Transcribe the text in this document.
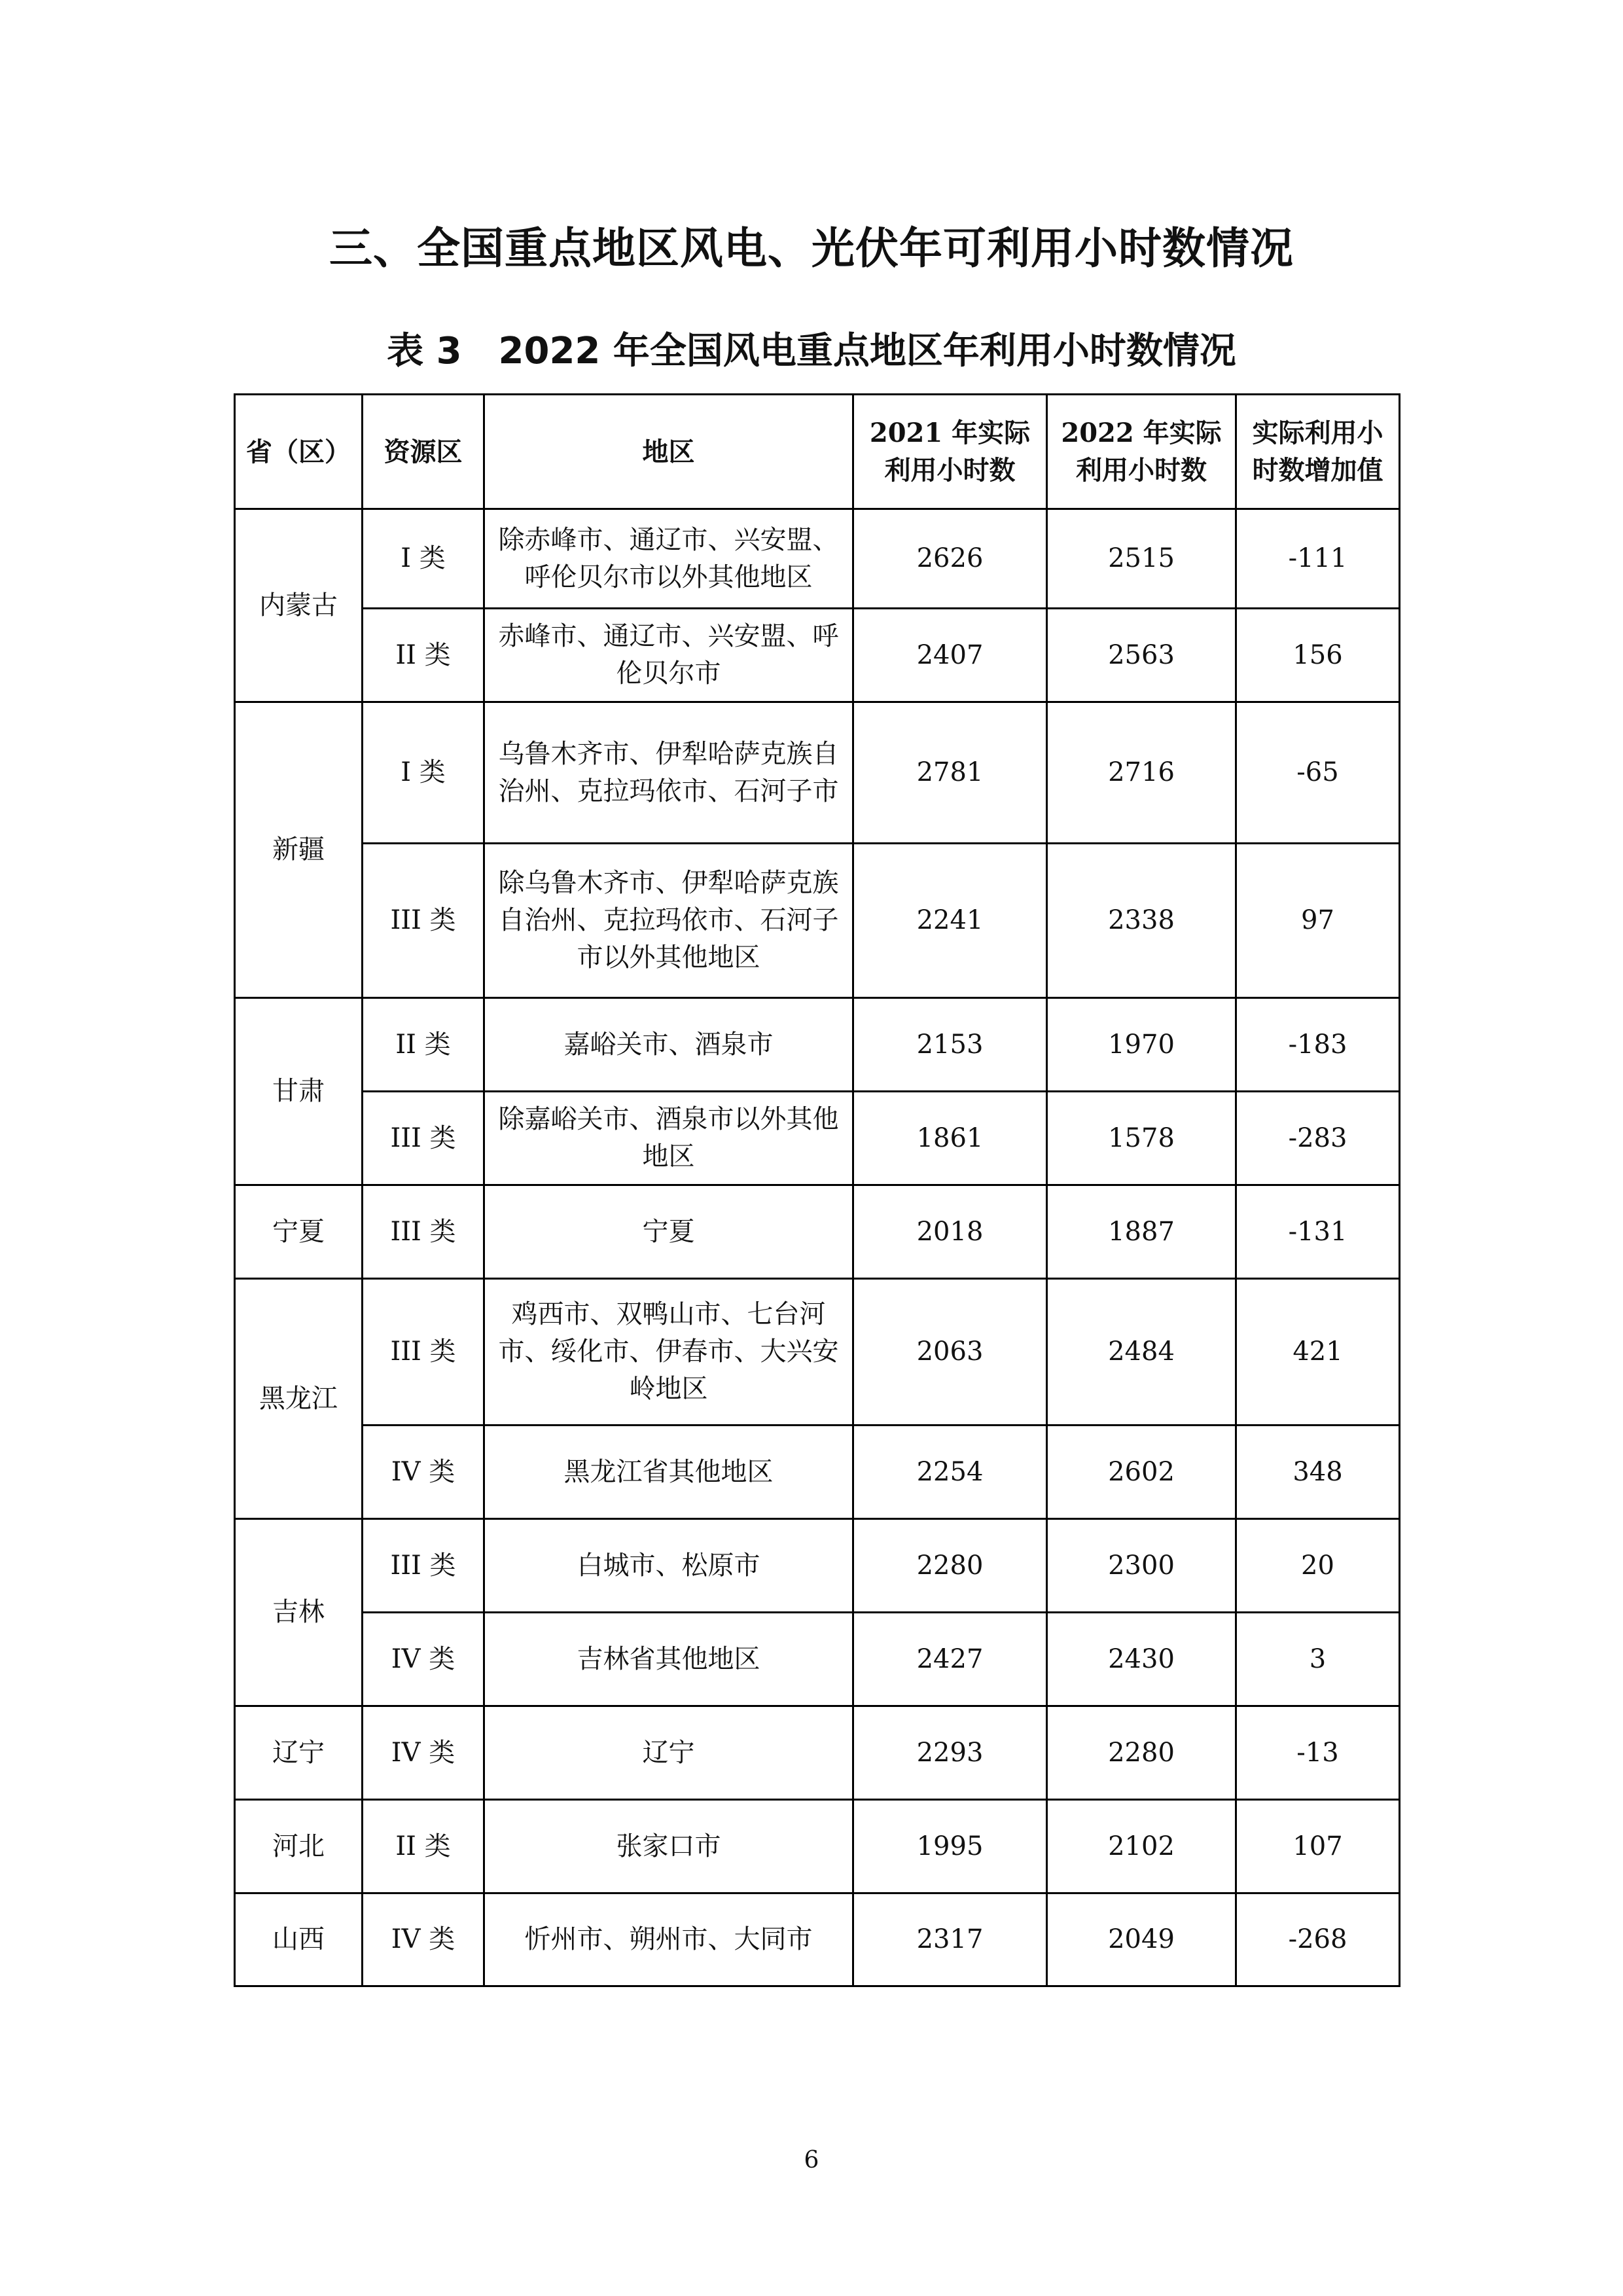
三、全国重点地区风电、光伏年可利用小时数情况
表 3　2022 年全国风电重点地区年利用小时数情况
省（区）	资源区	地区	2021 年实际利用小时数	2022 年实际利用小时数	实际利用小时数增加值
内蒙古	I 类	除赤峰市、通辽市、兴安盟、呼伦贝尔市以外其他地区	2626	2515	-111
	II 类	赤峰市、通辽市、兴安盟、呼伦贝尔市	2407	2563	156
新疆	I 类	乌鲁木齐市、伊犁哈萨克族自治州、克拉玛依市、石河子市	2781	2716	-65
	III 类	除乌鲁木齐市、伊犁哈萨克族自治州、克拉玛依市、石河子市以外其他地区	2241	2338	97
甘肃	II 类	嘉峪关市、酒泉市	2153	1970	-183
	III 类	除嘉峪关市、酒泉市以外其他地区	1861	1578	-283
宁夏	III 类	宁夏	2018	1887	-131
黑龙江	III 类	鸡西市、双鸭山市、七台河市、绥化市、伊春市、大兴安岭地区	2063	2484	421
	IV 类	黑龙江省其他地区	2254	2602	348
吉林	III 类	白城市、松原市	2280	2300	20
	IV 类	吉林省其他地区	2427	2430	3
辽宁	IV 类	辽宁	2293	2280	-13
河北	II 类	张家口市	1995	2102	107
山西	IV 类	忻州市、朔州市、大同市	2317	2049	-268
6
